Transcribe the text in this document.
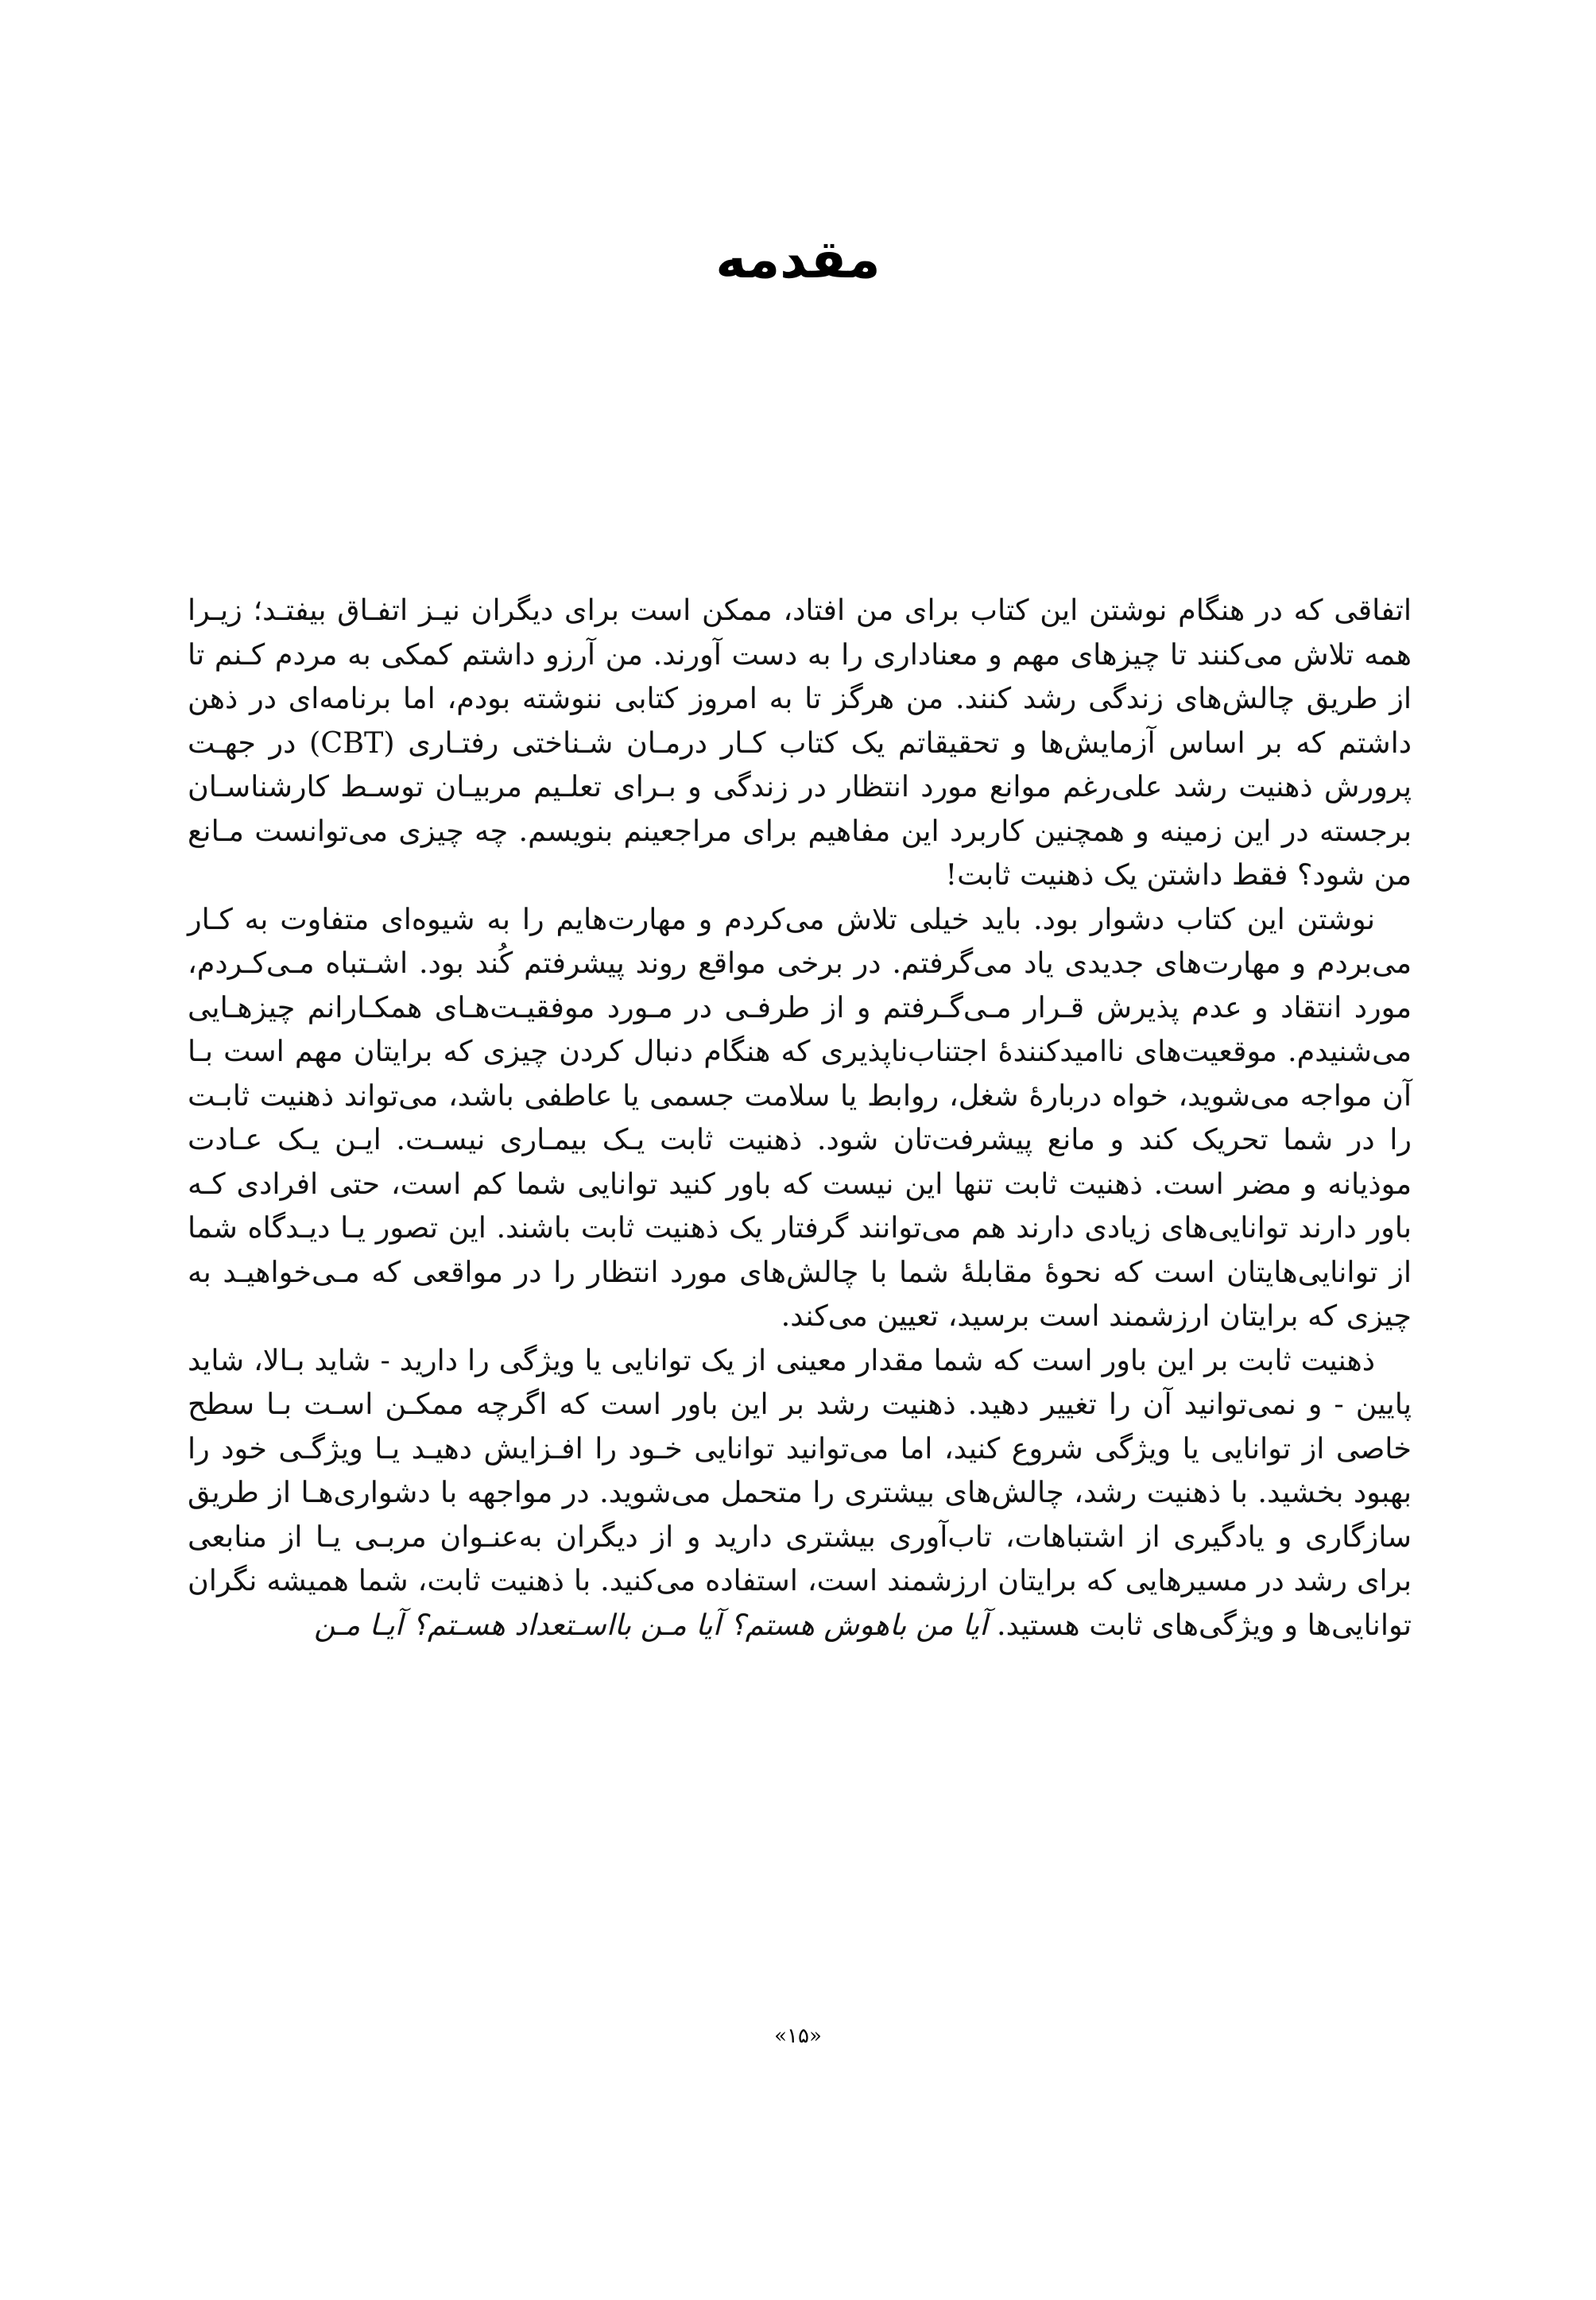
مقدمه

اتفاقی که در هنگام نوشتن این کتاب برای من افتاد، ممکن است برای دیگران نیـز اتفـاق بیفتـد؛ زیـرا همه تلاش می‌کنند تا چیزهای مهم و معناداری را به دست آورند. من آرزو داشتم کمکی به مردم کـنم تا از طریق چالش‌های زندگی رشد کنند. من هرگز تا به امروز کتابی ننوشته بودم، اما برنامه‌ای در ذهن داشتم که بر اساس آزمایش‌ها و تحقیقاتم یک کتاب کـار درمـان شـناختی رفتـاری (CBT) در جهـت پرورش ذهنیت رشد علی‌رغم موانع مورد انتظار در زندگی و بـرای تعلـیم مربیـان توسـط کارشناسـان برجسته در این زمینه و همچنین کاربرد این مفاهیم برای مراجعینم بنویسم. چه چیزی می‌توانست مـانع من شود؟ فقط داشتن یک ذهنیت ثابت!

نوشتن این کتاب دشوار بود. باید خیلی تلاش می‌کردم و مهارت‌هایم را به شیوه‌ای متفاوت به کـار می‌بردم و مهارت‌های جدیدی یاد می‌گرفتم. در برخی مواقع روند پیشرفتم کُند بود. اشـتباه مـی‌کـردم، مورد انتقاد و عدم پذیرش قـرار مـی‌گـرفتم و از طرفـی در مـورد موفقیـت‌هـای همکـارانم چیزهـایی می‌شنیدم. موقعیت‌های ناامیدکنندهٔ اجتناب‌ناپذیری که هنگام دنبال کردن چیزی که برایتان مهم است بـا آن مواجه می‌شوید، خواه دربارهٔ شغل، روابط یا سلامت جسمی یا عاطفی باشد، می‌تواند ذهنیت ثابـت را در شما تحریک کند و مانع پیشرفت‌تان شود. ذهنیت ثابت یـک بیمـاری نیسـت. ایـن یـک عـادت موذیانه و مضر است. ذهنیت ثابت تنها این نیست که باور کنید توانایی شما کم است، حتی افرادی کـه باور دارند توانایی‌های زیادی دارند هم می‌توانند گرفتار یک ذهنیت ثابت باشند. این تصور یـا دیـدگاه شما از توانایی‌هایتان است که نحوهٔ مقابلهٔ شما با چالش‌های مورد انتظار را در مواقعی که مـی‌خواهیـد به چیزی که برایتان ارزشمند است برسید، تعیین می‌کند.

ذهنیت ثابت بر این باور است که شما مقدار معینی از یک توانایی یا ویژگی را دارید - شاید بـالا، شاید پایین - و نمی‌توانید آن را تغییر دهید. ذهنیت رشد بر این باور است که اگرچه ممکـن اسـت بـا سطح خاصی از توانایی یا ویژگی شروع کنید، اما می‌توانید توانایی خـود را افـزایش دهیـد یـا ویژگـی خود را بهبود بخشید. با ذهنیت رشد، چالش‌های بیشتری را متحمل می‌شوید. در مواجهه با دشواری‌هـا از طریق سازگاری و یادگیری از اشتباهات، تاب‌آوری بیشتری دارید و از دیگران به‌عنـوان مربـی یـا از منابعی برای رشد در مسیرهایی که برایتان ارزشمند است، استفاده می‌کنید. با ذهنیت ثابت، شما همیشه نگران توانایی‌ها و ویژگی‌های ثابت هستید. آیا من باهوش هستم؟ آیا مـن بااسـتعداد هسـتم؟ آیـا مـن

«۱۵»
